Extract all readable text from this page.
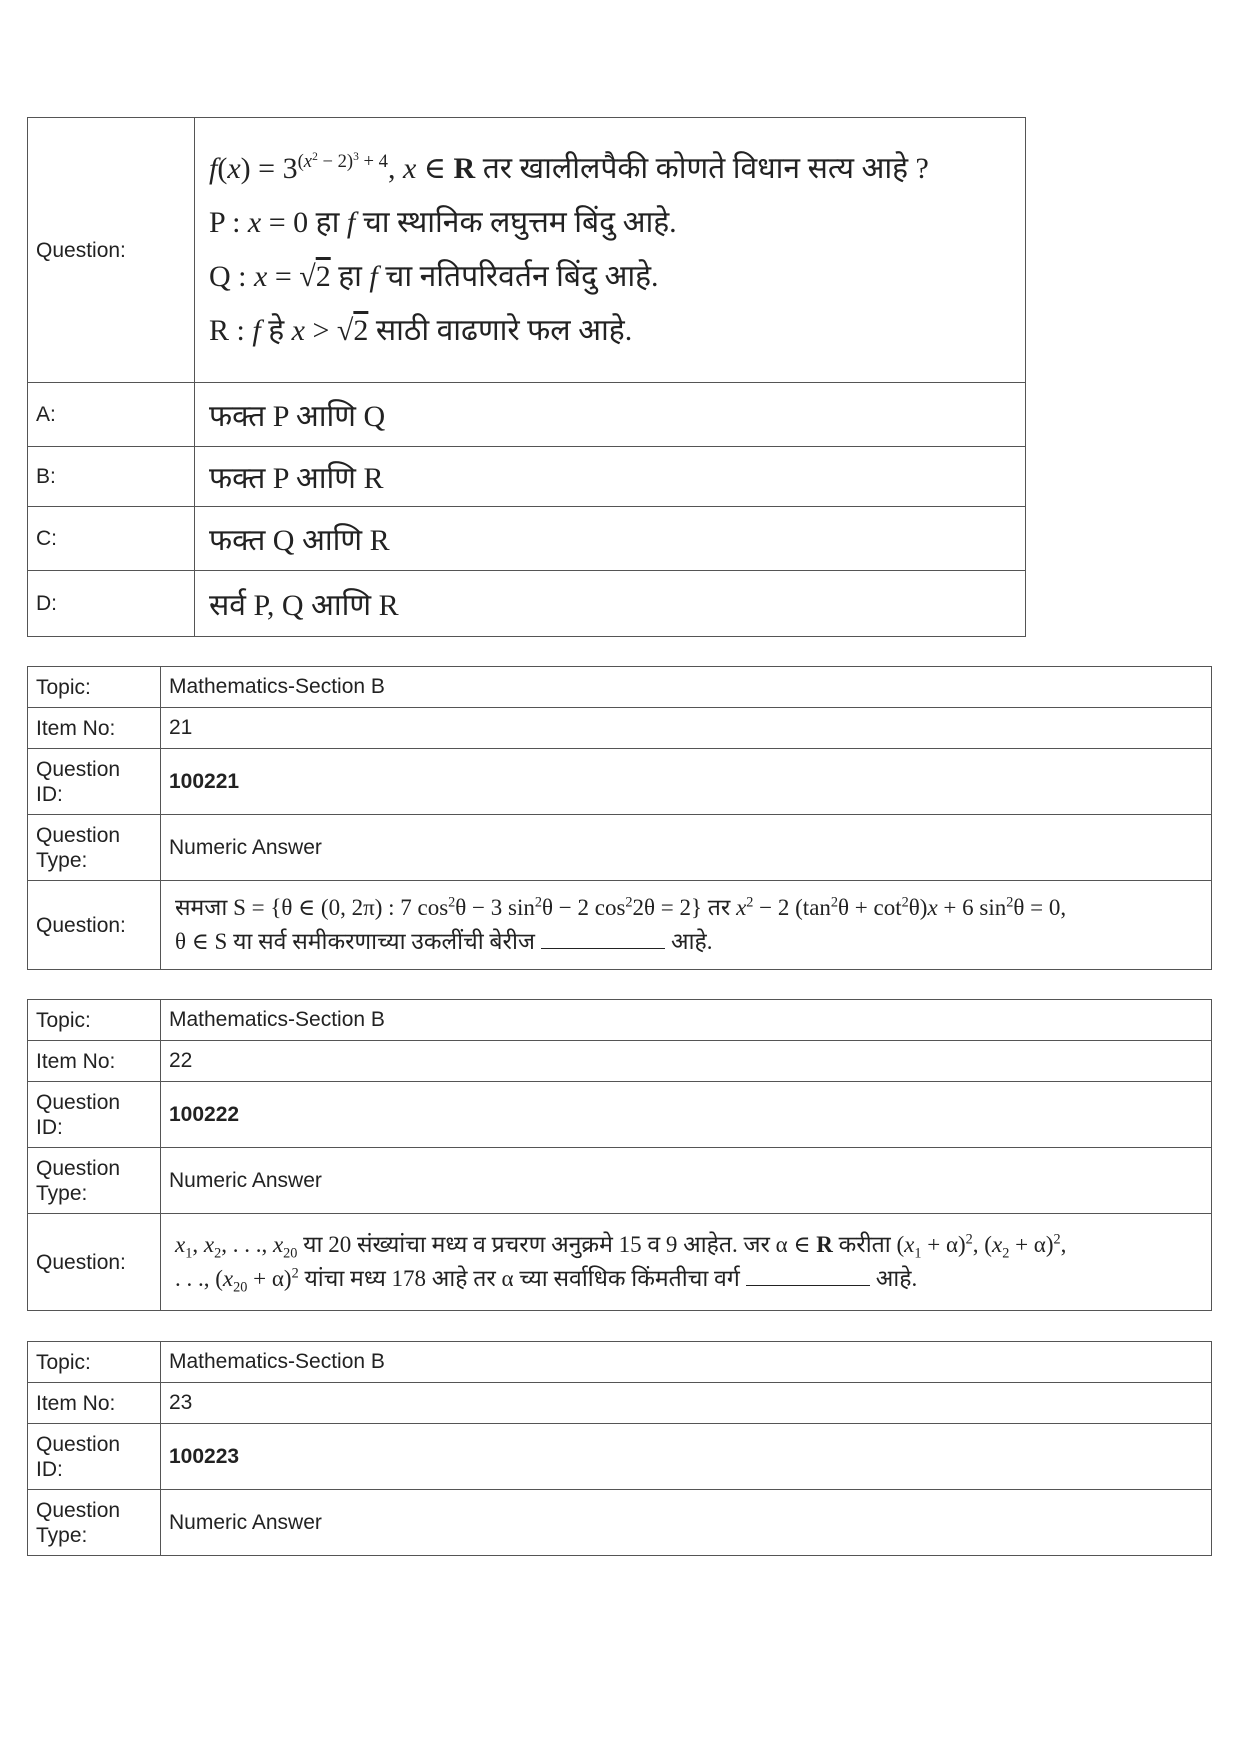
Question:	$f(x) = 3^{(x^2 - 2)^3 + 4}$, x ∈ R तर खालीलपैकी कोणते विधान सत्य आहे ?
P : x = 0 हा f चा स्थानिक लघुत्तम बिंदु आहे.
Q : x = √2 हा f चा नतिपरिवर्तन बिंदु आहे.
R : f हे x > √2 साठी वाढणारे फल आहे.

A:	फक्त P आणि Q
B:	फक्त P आणि R
C:	फक्त Q आणि R
D:	सर्व P, Q आणि R
Topic:	Mathematics-Section B
Item No:	21
Question ID:	100221
Question Type:	Numeric Answer
Question:	समजा S = {θ ∈ (0, 2π) : 7 $\cos^2\theta - 3$ $\sin^2\theta - 2$ $\cos^22\theta = 2$} तर $x^2 - 2$ $(\tan^2\theta + \cot^2\theta)x + 6$ $\sin^2\theta = 0$,
θ ∈ S या सर्व समीकरणाच्या उकलींची बेरीज आहे.
Topic:	Mathematics-Section B
Item No:	22
Question ID:	100222
Question Type:	Numeric Answer
Question:	$x_1$, $x_2$, . . ., $x_{20}$ या 20 संख्यांचा मध्य व प्रचरण अनुक्रमे 15 व 9 आहेत. जर α ∈ R करीता $(x_1 + \alpha)^2$, $(x_2 + \alpha)^2$,
. . ., $(x_{20} + \alpha)^2$ यांचा मध्य 178 आहे तर α च्या सर्वाधिक किंमतीचा वर्ग आहे.
Topic:	Mathematics-Section B
Item No:	23
Question ID:	100223
Question Type:	Numeric Answer
